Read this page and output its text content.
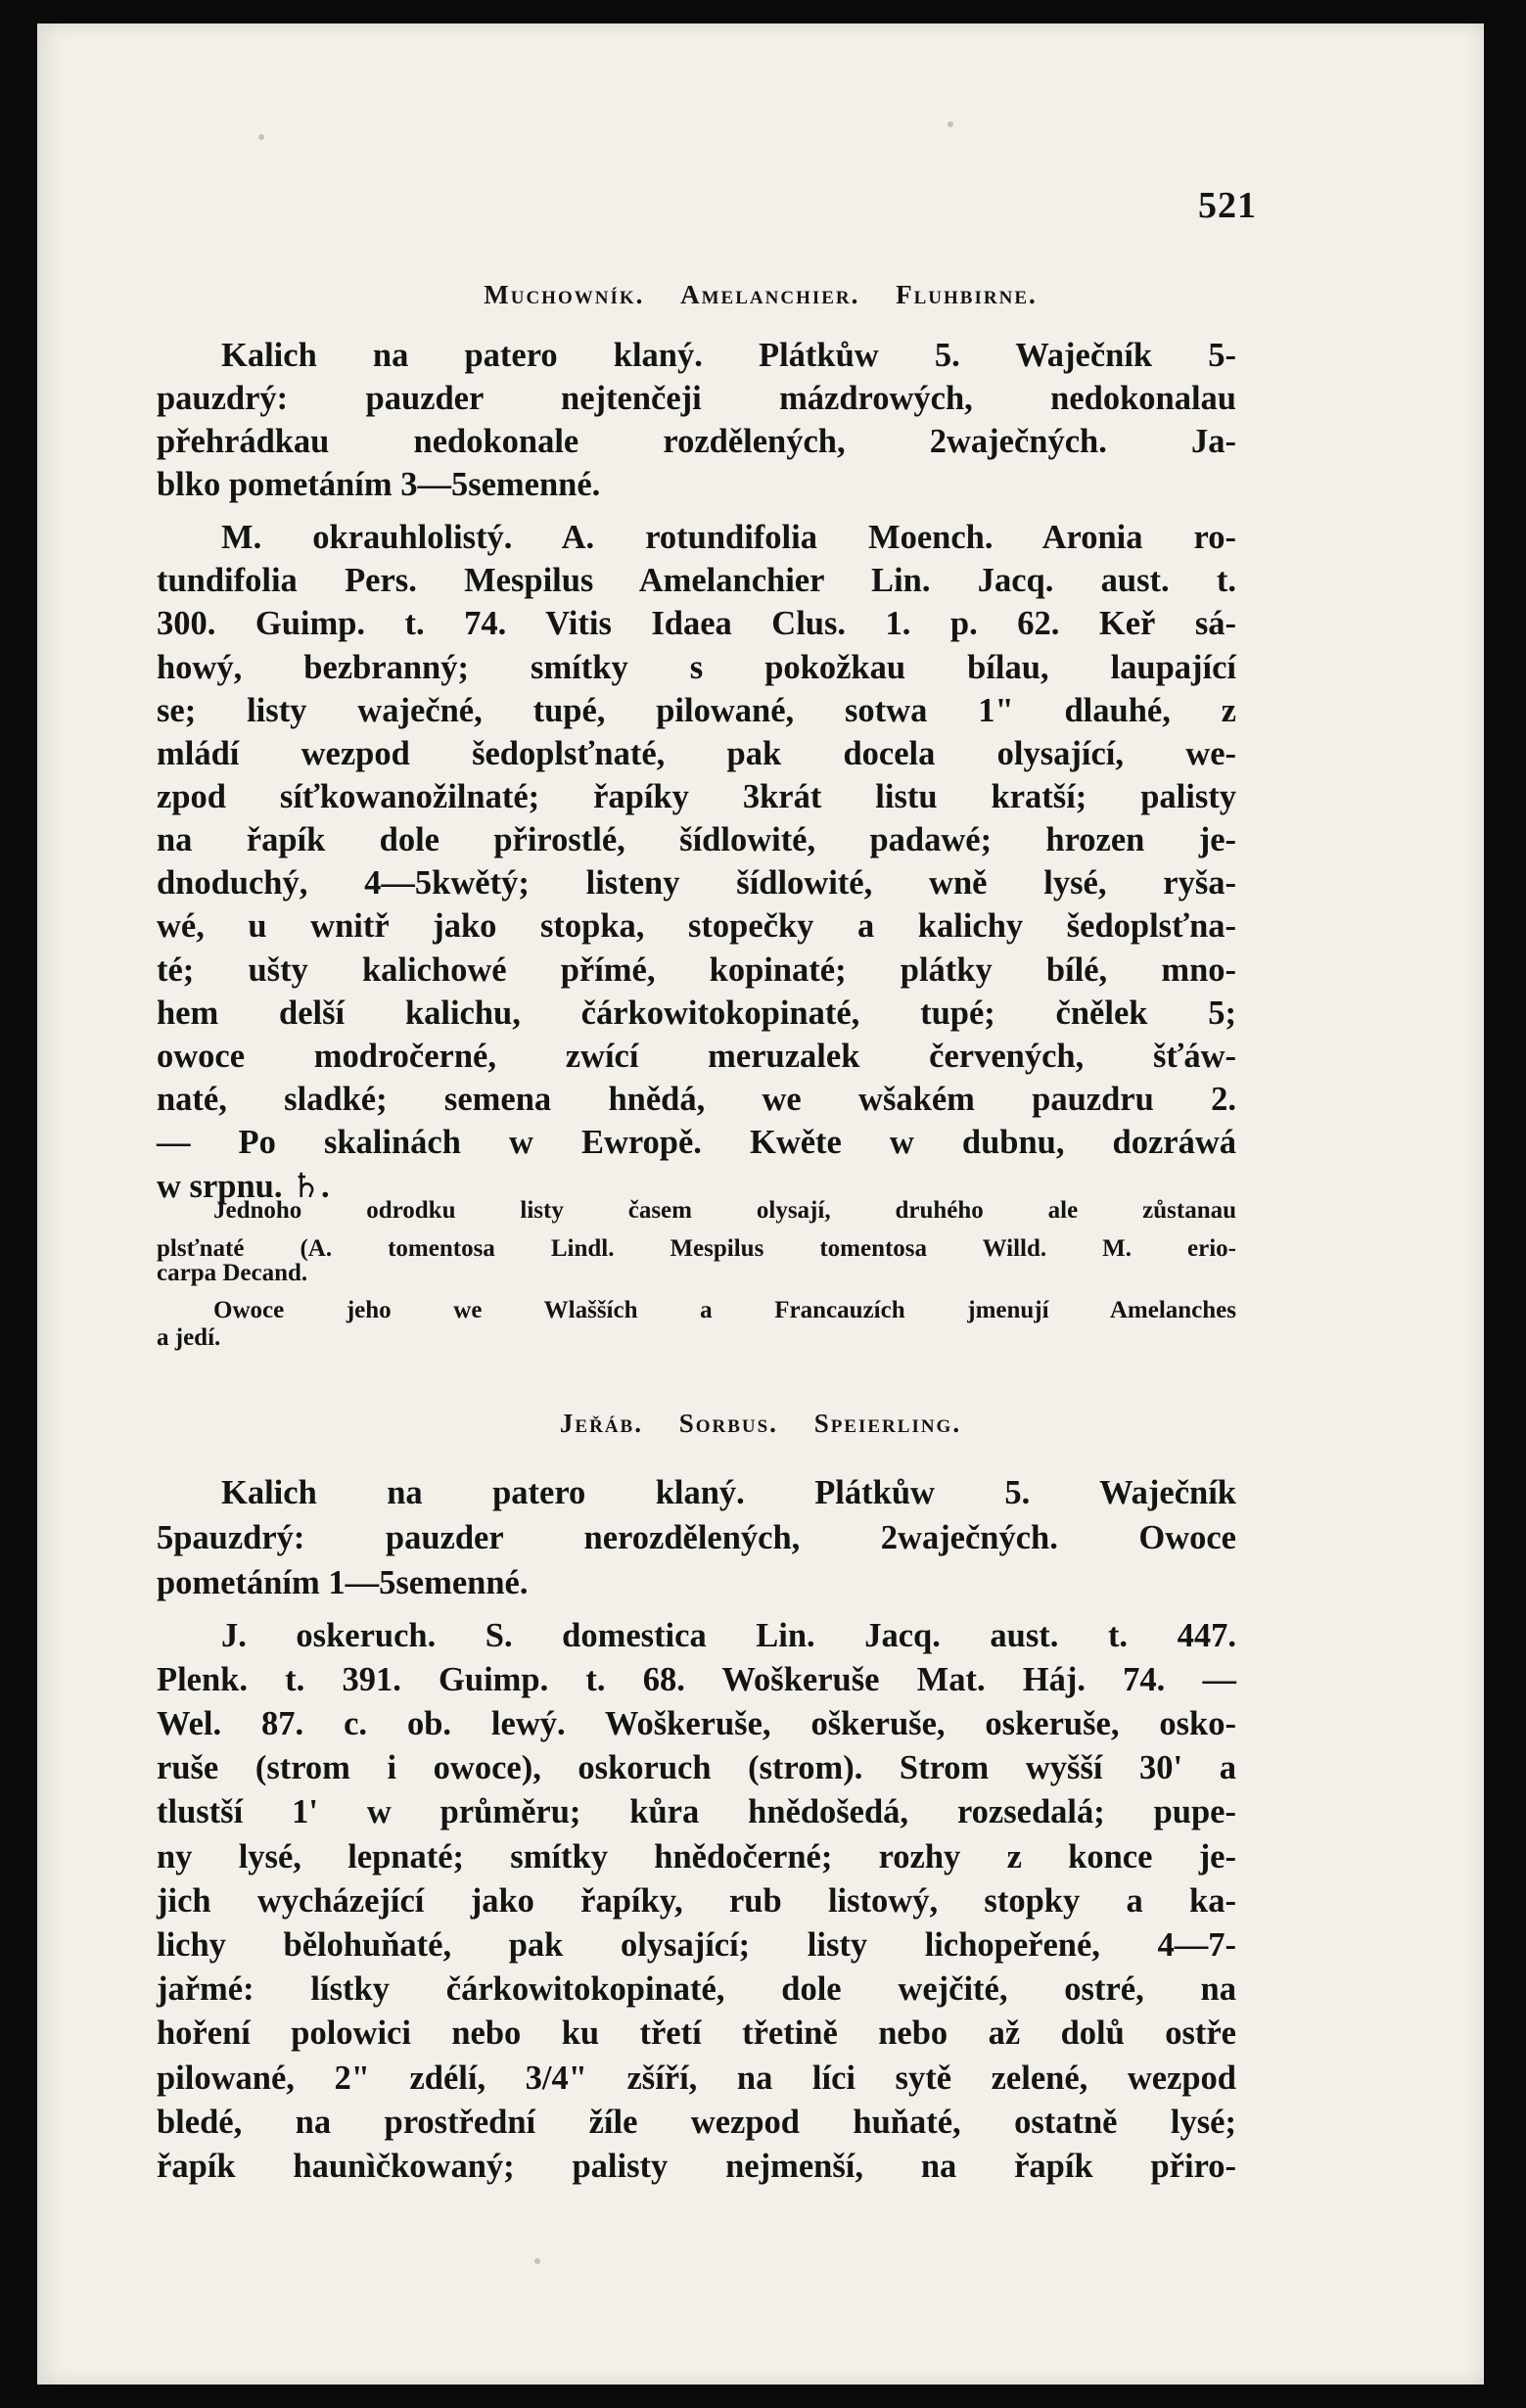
521
Muchowník. Amelanchier. Fluhbirne.
Kalich na patero klaný. Plátkůw 5. Waječník 5-
pauzdrý: pauzder nejtenčeji mázdrowých, nedokonalau
přehrádkau nedokonale rozdělených, 2waječných. Ja-
blko pometáním 3—5semenné.
M. okrauhlolistý. A. rotundifolia Moench. Aronia ro-
tundifolia Pers. Mespilus Amelanchier Lin. Jacq. aust. t.
300. Guimp. t. 74. Vitis Idaea Clus. 1. p. 62. Keř sá-
howý, bezbranný; smítky s pokožkau bílau, laupající
se; listy waječné, tupé, pilowané, sotwa 1" dlauhé, z
mládí wezpod šedoplsťnaté, pak docela olysající, we-
zpod síťkowanožilnaté; řapíky 3krát listu kratší; palisty
na řapík dole přirostlé, šídlowité, padawé; hrozen je-
dnoduchý, 4—5kwětý; listeny šídlowité, wně lysé, ryša-
wé, u wnitř jako stopka, stopečky a kalichy šedoplsťna-
té; ušty kalichowé přímé, kopinaté; plátky bílé, mno-
hem delší kalichu, čárkowitokopinaté, tupé; čnělek 5;
owoce modročerné, zwící meruzalek červených, šťáw-
naté, sladké; semena hnědá, we wšakém pauzdru 2.
— Po skalinách w Ewropě. Kwěte w dubnu, dozráwá
w srpnu. ♄.
Jednoho odrodku listy časem olysají, druhého ale zůstanau
plsťnaté (A. tomentosa Lindl. Mespilus tomentosa Willd. M. erio-
carpa Decand.
Owoce jeho we Wlašších a Francauzích jmenují Amelanches
a jedí.
Jeřáb. Sorbus. Speierling.
Kalich na patero klaný. Plátkůw 5. Waječník
5pauzdrý: pauzder nerozdělených, 2waječných. Owoce
pometáním 1—5semenné.
J. oskeruch. S. domestica Lin. Jacq. aust. t. 447.
Plenk. t. 391. Guimp. t. 68. Woškeruše Mat. Háj. 74. —
Wel. 87. c. ob. lewý. Woškeruše, oškeruše, oskeruše, osko-
ruše (strom i owoce), oskoruch (strom). Strom wyšší 30' a
tlustší 1' w průměru; kůra hnědošedá, rozsedalá; pupe-
ny lysé, lepnaté; smítky hnědočerné; rozhy z konce je-
jich wycházející jako řapíky, rub listowý, stopky a ka-
lichy bělohuňaté, pak olysající; listy lichopeřené, 4—7-
jařmé: lístky čárkowitokopinaté, dole wejčité, ostré, na
hoření polowici nebo ku třetí třetině nebo až dolů ostře
pilowané, 2" zdélí, 3/4" zšíří, na líci sytě zelené, wezpod
bledé, na prostřední žíle wezpod huňaté, ostatně lysé;
řapík haunìčkowaný; palisty nejmenší, na řapík přiro-
